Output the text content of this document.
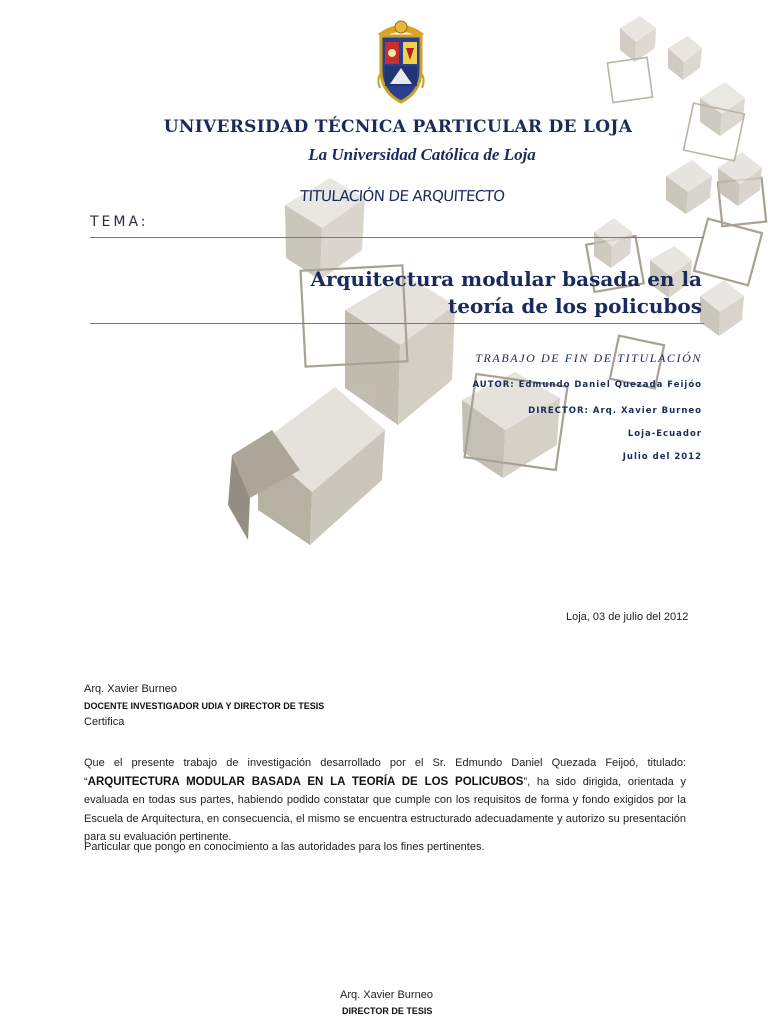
UNIVERSIDAD TÉCNICA PARTICULAR DE LOJA
La Universidad Católica de Loja
TITULACIÓN DE ARQUITECTO
TEMA:
Arquitectura modular basada en la
teoría de los policubos
TRABAJO DE FIN DE TITULACIÓN
AUTOR: Edmundo Daniel Quezada Feijóo
DIRECTOR: Arq. Xavier Burneo
Loja-Ecuador
Julio del 2012
Loja, 03 de julio del 2012
Arq. Xavier Burneo
DOCENTE INVESTIGADOR UDIA Y DIRECTOR DE TESIS
Certifica
Que el presente trabajo de investigación desarrollado por el Sr. Edmundo Daniel Quezada Feijoó, titulado: “ARQUITECTURA MODULAR BASADA EN LA TEORÍA DE LOS POLICUBOS”, ha sido dirigida, orientada y evaluada en todas sus partes, habiendo podido constatar que cumple con los requisitos de forma y fondo exigidos por la Escuela de Arquitectura, en consecuencia, el mismo se encuentra estructurado adecuadamente y autorizo su presentación para su evaluación pertinente.
Particular que pongo en conocimiento a las autoridades para los fines pertinentes.
Arq. Xavier Burneo
DIRECTOR DE TESIS
